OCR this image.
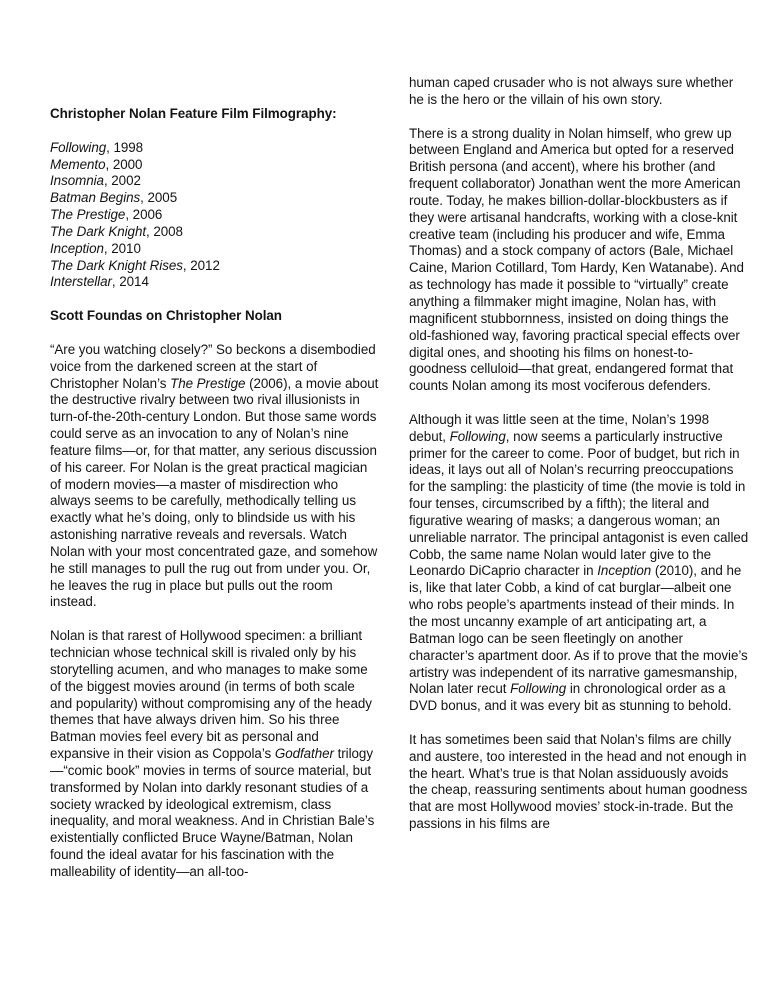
Christopher Nolan Feature Film Filmography:

Following, 1998

Memento, 2000

Insomnia, 2002

Batman Begins, 2005

The Prestige, 2006

The Dark Knight, 2008

Inception, 2010

The Dark Knight Rises, 2012

Interstellar, 2014

Scott Foundas on Christopher Nolan

“Are you watching closely?” So beckons a disembodied voice from the darkened screen at the start of Christopher Nolan’s The Prestige (2006), a movie about the destructive rivalry between two rival illusionists in turn-of-the-20th-century London. But those same words could serve as an invocation to any of Nolan’s nine feature films—or, for that matter, any serious discussion of his career. For Nolan is the great practical magician of modern movies—a master of misdirection who always seems to be carefully, methodically telling us exactly what he’s doing, only to blindside us with his astonishing narrative reveals and reversals. Watch Nolan with your most concentrated gaze, and somehow he still manages to pull the rug out from under you. Or, he leaves the rug in place but pulls out the room instead.

Nolan is that rarest of Hollywood specimen: a brilliant technician whose technical skill is rivaled only by his storytelling acumen, and who manages to make some of the biggest movies around (in terms of both scale and popularity) without compromising any of the heady themes that have always driven him. So his three Batman movies feel every bit as personal and expansive in their vision as Coppola’s Godfather trilogy—“comic book” movies in terms of source material, but transformed by Nolan into darkly resonant studies of a society wracked by ideological extremism, class inequality, and moral weakness. And in Christian Bale’s existentially conflicted Bruce Wayne/Batman, Nolan found the ideal avatar for his fascination with the malleability of identity—an all-too-

human caped crusader who is not always sure whether he is the hero or the villain of his own story.

There is a strong duality in Nolan himself, who grew up between England and America but opted for a reserved British persona (and accent), where his brother (and frequent collaborator) Jonathan went the more American route. Today, he makes billion-dollar-blockbusters as if they were artisanal handcrafts, working with a close-knit creative team (including his producer and wife, Emma Thomas) and a stock company of actors (Bale, Michael Caine, Marion Cotillard, Tom Hardy, Ken Watanabe). And as technology has made it possible to “virtually” create anything a filmmaker might imagine, Nolan has, with magnificent stubbornness, insisted on doing things the old-fashioned way, favoring practical special effects over digital ones, and shooting his films on honest-to-goodness celluloid—that great, endangered format that counts Nolan among its most vociferous defenders.

Although it was little seen at the time, Nolan’s 1998 debut, Following, now seems a particularly instructive primer for the career to come. Poor of budget, but rich in ideas, it lays out all of Nolan’s recurring preoccupations for the sampling: the plasticity of time (the movie is told in four tenses, circumscribed by a fifth); the literal and figurative wearing of masks; a dangerous woman; an unreliable narrator. The principal antagonist is even called Cobb, the same name Nolan would later give to the Leonardo DiCaprio character in Inception (2010), and he is, like that later Cobb, a kind of cat burglar—albeit one who robs people’s apartments instead of their minds. In the most uncanny example of art anticipating art, a Batman logo can be seen fleetingly on another character’s apartment door. As if to prove that the movie’s artistry was independent of its narrative gamesmanship, Nolan later recut Following in chronological order as a DVD bonus, and it was every bit as stunning to behold.

It has sometimes been said that Nolan’s films are chilly and austere, too interested in the head and not enough in the heart. What’s true is that Nolan assiduously avoids the cheap, reassuring sentiments about human goodness that are most Hollywood movies’ stock-in-trade. But the passions in his films are
